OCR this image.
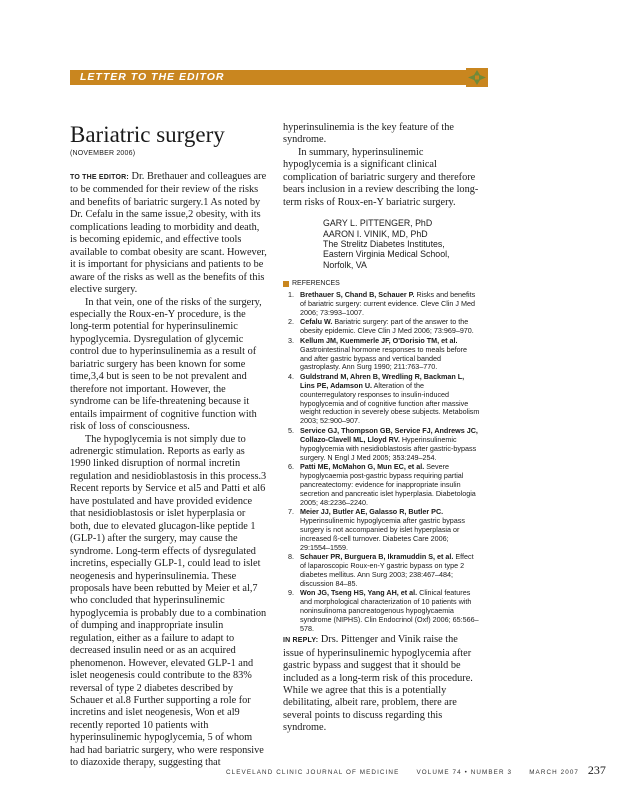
LETTER TO THE EDITOR
Bariatric surgery
(NOVEMBER 2006)

TO THE EDITOR: Dr. Brethauer and colleagues are to be commended for their review of the risks and benefits of bariatric surgery.1 As noted by Dr. Cefalu in the same issue,2 obesity, with its complications leading to morbidity and death, is becoming epidemic, and effective tools available to combat obesity are scant. However, it is important for physicians and patients to be aware of the risks as well as the benefits of this elective surgery.

In that vein, one of the risks of the surgery, especially the Roux-en-Y procedure, is the long-term potential for hyperinsulinemic hypoglycemia. Dysregulation of glycemic control due to hyperinsulinemia as a result of bariatric surgery has been known for some time,3,4 but is seen to be not prevalent and therefore not important. However, the syndrome can be life-threatening because it entails impairment of cognitive function with risk of loss of consciousness.

The hypoglycemia is not simply due to adrenergic stimulation. Reports as early as 1990 linked disruption of normal incretin regulation and nesidioblastosis in this process.3 Recent reports by Service et al5 and Patti et al6 have postulated and have provided evidence that nesidioblastosis or islet hyperplasia or both, due to elevated glucagon-like peptide 1 (GLP-1) after the surgery, may cause the syndrome. Long-term effects of dysregulated incretins, especially GLP-1, could lead to islet neogenesis and hyperinsulinemia. These proposals have been rebutted by Meier et al,7 who concluded that hyperinsulinemic hypoglycemia is probably due to a combination of dumping and inappropriate insulin regulation, either as a failure to adapt to decreased insulin need or as an acquired phenomenon. However, elevated GLP-1 and islet neogenesis could contribute to the 83% reversal of type 2 diabetes described by Schauer et al.8 Further supporting a role for incretins and islet neogenesis, Won et al9 recently reported 10 patients with hyperinsulinemic hypoglycemia, 5 of whom had had bariatric surgery, who were responsive to diazoxide therapy, suggesting that

hyperinsulinemia is the key feature of the syndrome.

In summary, hyperinsulinemic hypoglycemia is a significant clinical complication of bariatric surgery and therefore bears inclusion in a review describing the long-term risks of Roux-en-Y bariatric surgery.

GARY L. PITTENGER, PhD
AARON I. VINIK, MD, PhD
The Strelitz Diabetes Institutes,
Eastern Virginia Medical School,
Norfolk, VA
REFERENCES
1. Brethauer S, Chand B, Schauer P. Risks and benefits of bariatric surgery: current evidence. Cleve Clin J Med 2006; 73:993–1007.
2. Cefalu W. Bariatric surgery: part of the answer to the obesity epidemic. Cleve Clin J Med 2006; 73:969–970.
3. Kellum JM, Kuemmerle JF, O'Dorisio TM, et al. Gastrointestinal hormone responses to meals before and after gastric bypass and vertical banded gastroplasty. Ann Surg 1990; 211:763–770.
4. Guldstrand M, Ahren B, Wredling R, Backman L, Lins PE, Adamson U. Alteration of the counterregulatory responses to insulin-induced hypoglycemia and of cognitive function after massive weight reduction in severely obese subjects. Metabolism 2003; 52:900–907.
5. Service GJ, Thompson GB, Service FJ, Andrews JC, Collazo-Clavell ML, Lloyd RV. Hyperinsulinemic hypoglycemia with nesidioblastosis after gastric-bypass surgery. N Engl J Med 2005; 353:249–254.
6. Patti ME, McMahon G, Mun EC, et al. Severe hypoglycaemia post-gastric bypass requiring partial pancreatectomy: evidence for inappropriate insulin secretion and pancreatic islet hyperplasia. Diabetologia 2005; 48:2236–2240.
7. Meier JJ, Butler AE, Galasso R, Butler PC. Hyperinsulinemic hypoglycemia after gastric bypass surgery is not accompanied by islet hyperplasia or increased ß-cell turnover. Diabetes Care 2006; 29:1554–1559.
8. Schauer PR, Burguera B, Ikramuddin S, et al. Effect of laparoscopic Roux-en-Y gastric bypass on type 2 diabetes mellitus. Ann Surg 2003; 238:467–484; discussion 84–85.
9. Won JG, Tseng HS, Yang AH, et al. Clinical features and morphological characterization of 10 patients with noninsulinoma pancreatogenous hypoglycaemia syndrome (NIPHS). Clin Endocrinol (Oxf) 2006; 65:566–578.

IN REPLY: Drs. Pittenger and Vinik raise the issue of hyperinsulinemic hypoglycemia after gastric bypass and suggest that it should be included as a long-term risk of this procedure. While we agree that this is a potentially debilitating, albeit rare, problem, there are several points to discuss regarding this syndrome.

CLEVELAND CLINIC JOURNAL OF MEDICINE	VOLUME 74 • NUMBER 3	MARCH 2007 237
